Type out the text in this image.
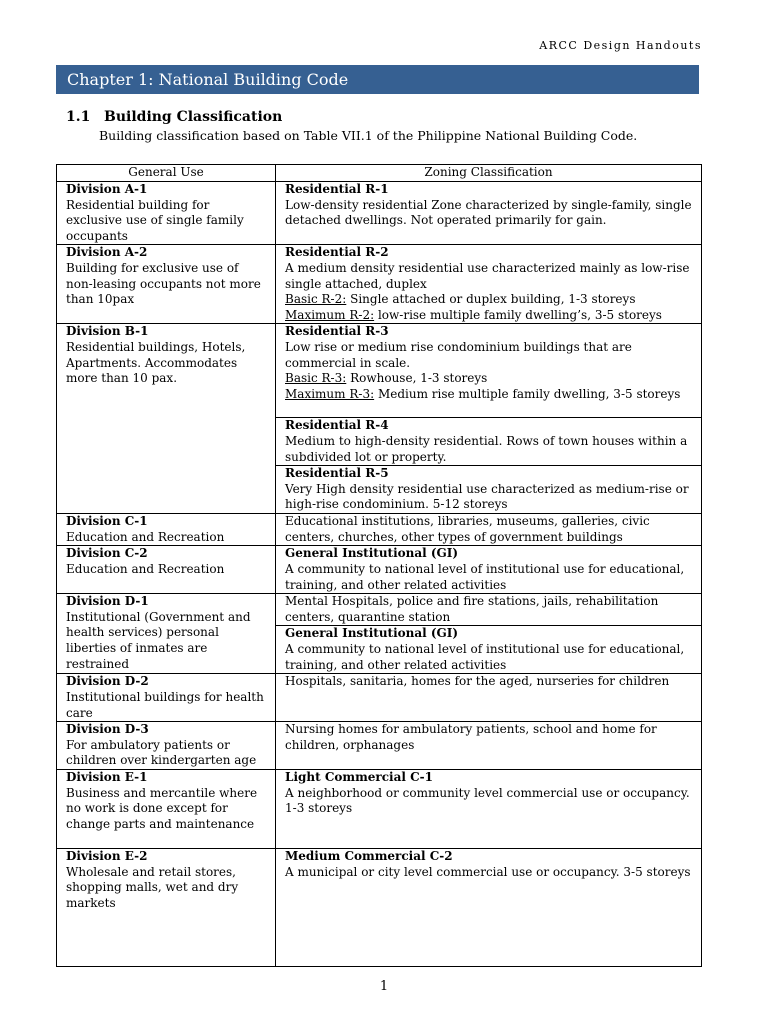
ARCC Design Handouts
Chapter 1: National Building Code
1.1 Building Classification
Building classification based on Table VII.1 of the Philippine National Building Code.
General Use	Zoning Classification

Division A-1
Residential building for exclusive use of single family occupants	Residential R-1
Low-density residential Zone characterized by single-family, single detached dwellings. Not operated primarily for gain.

Division A-2
Building for exclusive use of non-leasing occupants not more than 10pax	Residential R-2
A medium density residential use characterized mainly as low-rise single attached, duplex
Basic R-2: Single attached or duplex building, 1-3 storeys
Maximum R-2: low-rise multiple family dwelling’s, 3-5 storeys

Division B-1
Residential buildings, Hotels, Apartments. Accommodates more than 10 pax.	Residential R-3
Low rise or medium rise condominium buildings that are commercial in scale.
Basic R-3: Rowhouse, 1-3 storeys
Maximum R-3: Medium rise multiple family dwelling, 3-5 storeys

	Residential R-4
Medium to high-density residential. Rows of town houses within a subdivided lot or property.

	Residential R-5
Very High density residential use characterized as medium-rise or high-rise condominium. 5-12 storeys

Division C-1
Education and Recreation	Educational institutions, libraries, museums, galleries, civic centers, churches, other types of government buildings

Division C-2
Education and Recreation	General Institutional (GI)
A community to national level of institutional use for educational, training, and other related activities

Division D-1
Institutional (Government and health services) personal liberties of inmates are restrained	Mental Hospitals, police and fire stations, jails, rehabilitation centers, quarantine station

	General Institutional (GI)
A community to national level of institutional use for educational, training, and other related activities

Division D-2
Institutional buildings for health care	Hospitals, sanitaria, homes for the aged, nurseries for children

Division D-3
For ambulatory patients or children over kindergarten age	Nursing homes for ambulatory patients, school and home for children, orphanages

Division E-1
Business and mercantile where no work is done except for change parts and maintenance	Light Commercial C-1
A neighborhood or community level commercial use or occupancy. 1-3 storeys

Division E-2
Wholesale and retail stores, shopping malls, wet and dry markets	Medium Commercial C-2
A municipal or city level commercial use or occupancy. 3-5 storeys
1
